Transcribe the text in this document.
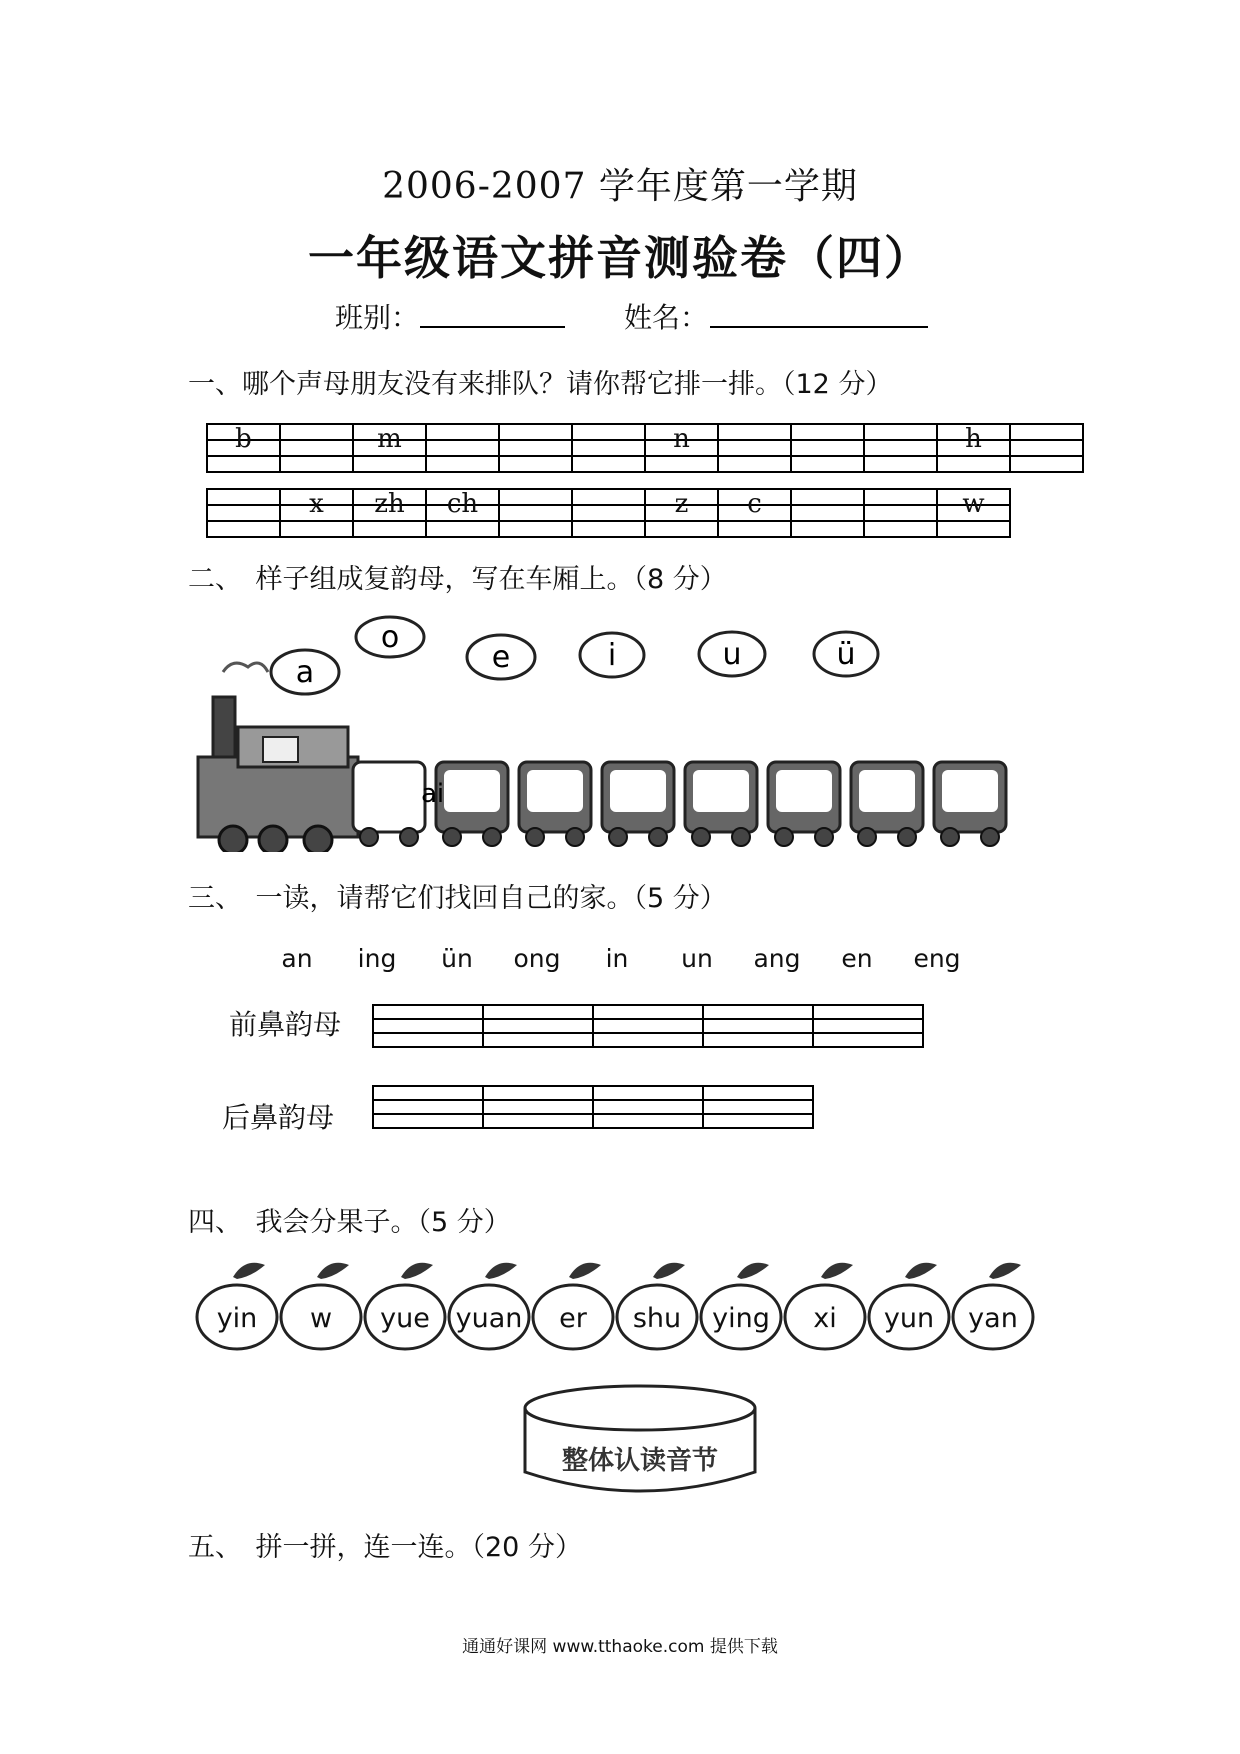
2006-2007 学年度第一学期
一年级语文拼音测验卷（四）
班别：	姓名：
一、哪个声母朋友没有来排队？请你帮它排一排。（12 分）
b		m				n				h	

	x	zh	ch			z	c			w

二、　样子组成复韵母，写在车厢上。（8 分）
a
o
e	i	u	ü
ai
三、　一读，请帮它们找回自己的家。（5 分）
an ing ün ong in un ang en eng
前鼻韵母

后鼻韵母

四、　我会分果子。（5 分）
yin	w	yue yuan	er	shu	ying	xi	yun	yan
整体认读音节
五、　拼一拼，连一连。（20 分）
通通好课网 www.tthaoke.com 提供下载
